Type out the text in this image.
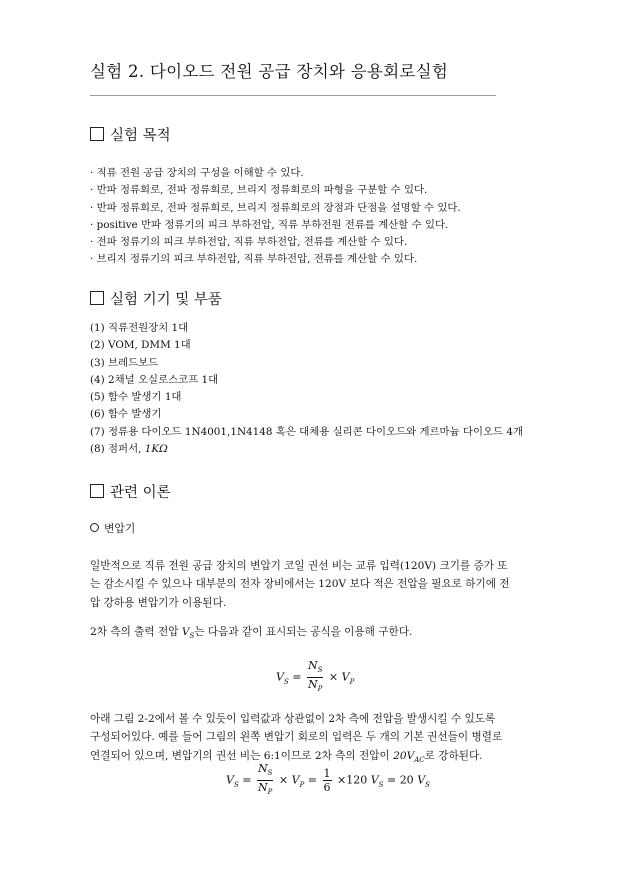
실험 2. 다이오드 전원 공급 장치와 응용회로실험
실험 목적
· 직류 전원 공급 장치의 구성을 이해할 수 있다.
· 반파 정류회로, 전파 정류회로, 브리지 정류회로의 파형을 구분할 수 있다.
· 반파 정류회로, 전파 정류회로, 브리지 정류회로의 장점과 단점을 설명할 수 있다.
· positive 반파 정류기의 피크 부하전압, 직류 부하전원 전류를 계산할 수 있다.
· 전파 정류기의 피크 부하전압, 직류 부하전압, 전류를 계산할 수 있다.
· 브리지 정류기의 피크 부하전압, 직류 부하전압, 전류를 계산할 수 있다.
실험 기기 및 부품
(1) 직류전원장치 1대
(2) VOM, DMM 1대
(3) 브레드보드
(4) 2채널 오실로스코프 1대
(5) 함수 발생기 1대
(6) 함수 발생기
(7) 정류용 다이오드 1N4001,1N4148 혹은 대체용 실리콘 다이오드와 게르마늄 다이오드 4개
(8) 점퍼서, 1KΩ
관련 이론
변압기
일반적으로 직류 전원 공급 장치의 변압기 코일 권선 비는 교류 입력(120V) 크기를 증가 또
는 감소시킬 수 있으나 대부분의 전자 장비에서는 120V 보다 적은 전압을 필요로 하기에 전
압 강하용 변압기가 이용된다.
2차 측의 출력 전압 $V_S$는 다음과 같이 표시되는 공식을 이용해 구한다.
$V_S = \frac{N_S}{N_P} \times V_P$
아래 그림 2-2에서 볼 수 있듯이 입력값과 상관없이 2차 측에 전압을 발생시킬 수 있도록
구성되어있다. 예를 들어 그림의 왼쪽 변압기 회로의 입력은 두 개의 기본 권선들이 병렬로
연결되어 있으며, 변압기의 권선 비는 6:1이므로 2차 측의 전압이 $20V_{AC}$로 강하된다.
$V_S = \frac{N_S}{N_P} \times V_P = \frac{1}{6} \times 120$ $V_S = 20$ $V_S$
